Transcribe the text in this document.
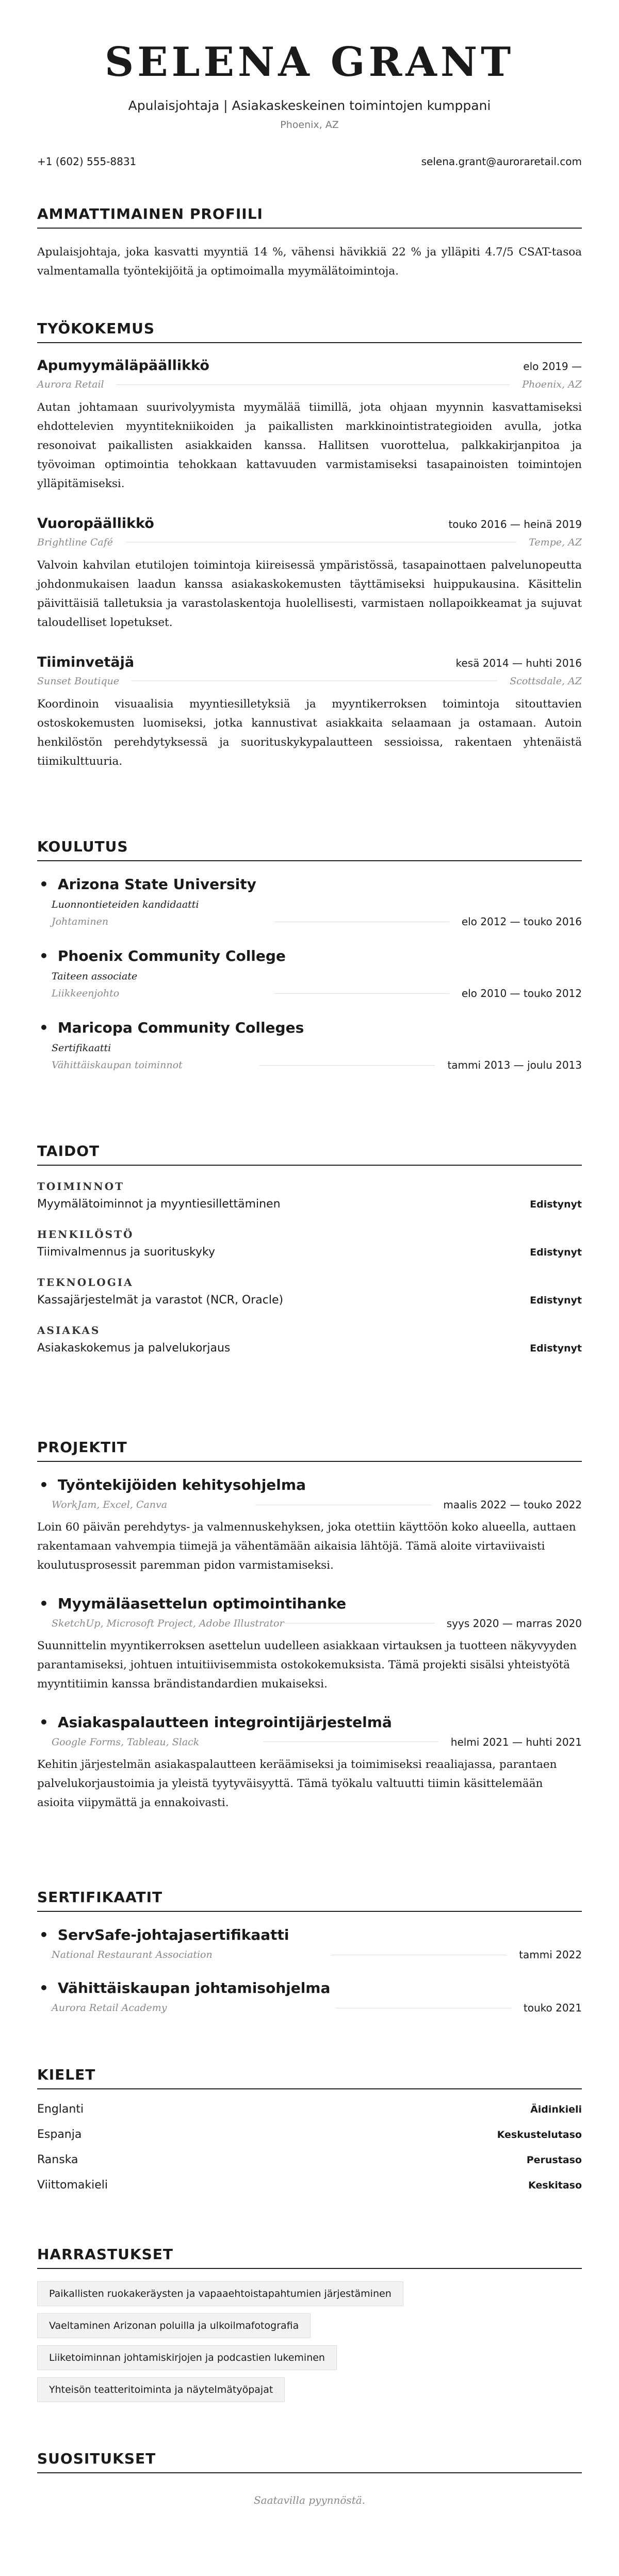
SELENA GRANT
Apulaisjohtaja | Asiakaskeskeinen toimintojen kumppani
Phoenix, AZ
+1 (602) 555-8831	selena.grant@auroraretail.com
AMMATTIMAINEN PROFIILI

Apulaisjohtaja, joka kasvatti myyntiä 14 %, vähensi hävikkiä 22 % ja ylläpiti 4.7/5 CSAT-tasoa valmentamalla työntekijöitä ja optimoimalla myymälätoimintoja.

TYÖKOKEMUS
Apumyymäläpäällikkö	elo 2019 —
Aurora Retail	Phoenix, AZ

Autan johtamaan suurivolyymista myymälää tiimillä, jota ohjaan myynnin kasvattamiseksi ehdottelevien myyntitekniikoiden ja paikallisten markkinointistrategioiden avulla, jotka resonoivat paikallisten asiakkaiden kanssa. Hallitsen vuorottelua, palkkakirjanpitoa ja työvoiman optimointia tehokkaan kattavuuden varmistamiseksi tasapainoisten toimintojen ylläpitämiseksi.

Vuoropäällikkö	touko 2016 — heinä 2019
Brightline Café	Tempe, AZ

Valvoin kahvilan etutilojen toimintoja kiireisessä ympäristössä, tasapainottaen palvelunopeutta johdonmukaisen laadun kanssa asiakaskokemusten täyttämiseksi huippukausina. Käsittelin päivittäisiä talletuksia ja varastolaskentoja huolellisesti, varmistaen nollapoikkeamat ja sujuvat taloudelliset lopetukset.

Tiiminvetäjä	kesä 2014 — huhti 2016
Sunset Boutique	Scottsdale, AZ

Koordinoin visuaalisia myyntiesilletyksiä ja myyntikerroksen toimintoja sitouttavien ostoskokemusten luomiseksi, jotka kannustivat asiakkaita selaamaan ja ostamaan. Autoin henkilöstön perehdytyksessä ja suorituskykypalautteen sessioissa, rakentaen yhtenäistä tiimikulttuuria.

KOULUTUS
• Arizona State University
Luonnontieteiden kandidaatti
Johtaminen	elo 2012 — touko 2016
• Phoenix Community College
Taiteen associate
Liikkeenjohto	elo 2010 — touko 2012
• Maricopa Community Colleges
Sertifikaatti
Vähittäiskaupan toiminnot	tammi 2013 — joulu 2013
TAIDOT
TOIMINNOT
Myymälätoiminnot ja myyntiesillettäminen	Edistynyt
HENKILÖSTÖ
Tiimivalmennus ja suorituskyky	Edistynyt
TEKNOLOGIA
Kassajärjestelmät ja varastot (NCR, Oracle)	Edistynyt
ASIAKAS
Asiakaskokemus ja palvelukorjaus	Edistynyt
PROJEKTIT
• Työntekijöiden kehitysohjelma
WorkJam, Excel, Canva	maalis 2022 — touko 2022

Loin 60 päivän perehdytys- ja valmennuskehyksen, joka otettiin käyttöön koko alueella, auttaen rakentamaan vahvempia tiimejä ja vähentämään aikaisia lähtöjä. Tämä aloite virtaviivaisti koulutusprosessit paremman pidon varmistamiseksi.

• Myymäläasettelun optimointihanke
SketchUp, Microsoft Project, Adobe Illustrator	syys 2020 — marras 2020

Suunnittelin myyntikerroksen asettelun uudelleen asiakkaan virtauksen ja tuotteen näkyvyyden parantamiseksi, johtuen intuitiivisemmista ostokokemuksista. Tämä projekti sisälsi yhteistyötä myyntitiimin kanssa brändistandardien mukaiseksi.

• Asiakaspalautteen integrointijärjestelmä
Google Forms, Tableau, Slack	helmi 2021 — huhti 2021

Kehitin järjestelmän asiakaspalautteen keräämiseksi ja toimimiseksi reaaliajassa, parantaen palvelukorjaustoimia ja yleistä tyytyväisyyttä. Tämä työkalu valtuutti tiimin käsittelemään asioita viipymättä ja ennakoivasti.

SERTIFIKAATIT
• ServSafe-johtajasertifikaatti
National Restaurant Association	tammi 2022
• Vähittäiskaupan johtamisohjelma
Aurora Retail Academy	touko 2021
KIELET
Englanti	Äidinkieli
Espanja	Keskustelutaso
Ranska	Perustaso
Viittomakieli	Keskitaso
HARRASTUKSET
Paikallisten ruokakeräysten ja vapaaehtoistapahtumien järjestäminen
Vaeltaminen Arizonan poluilla ja ulkoilmafotografia
Liiketoiminnan johtamiskirjojen ja podcastien lukeminen
Yhteisön teatteritoiminta ja näytelmätyöpajat
SUOSITUKSET
Saatavilla pyynnöstä.
